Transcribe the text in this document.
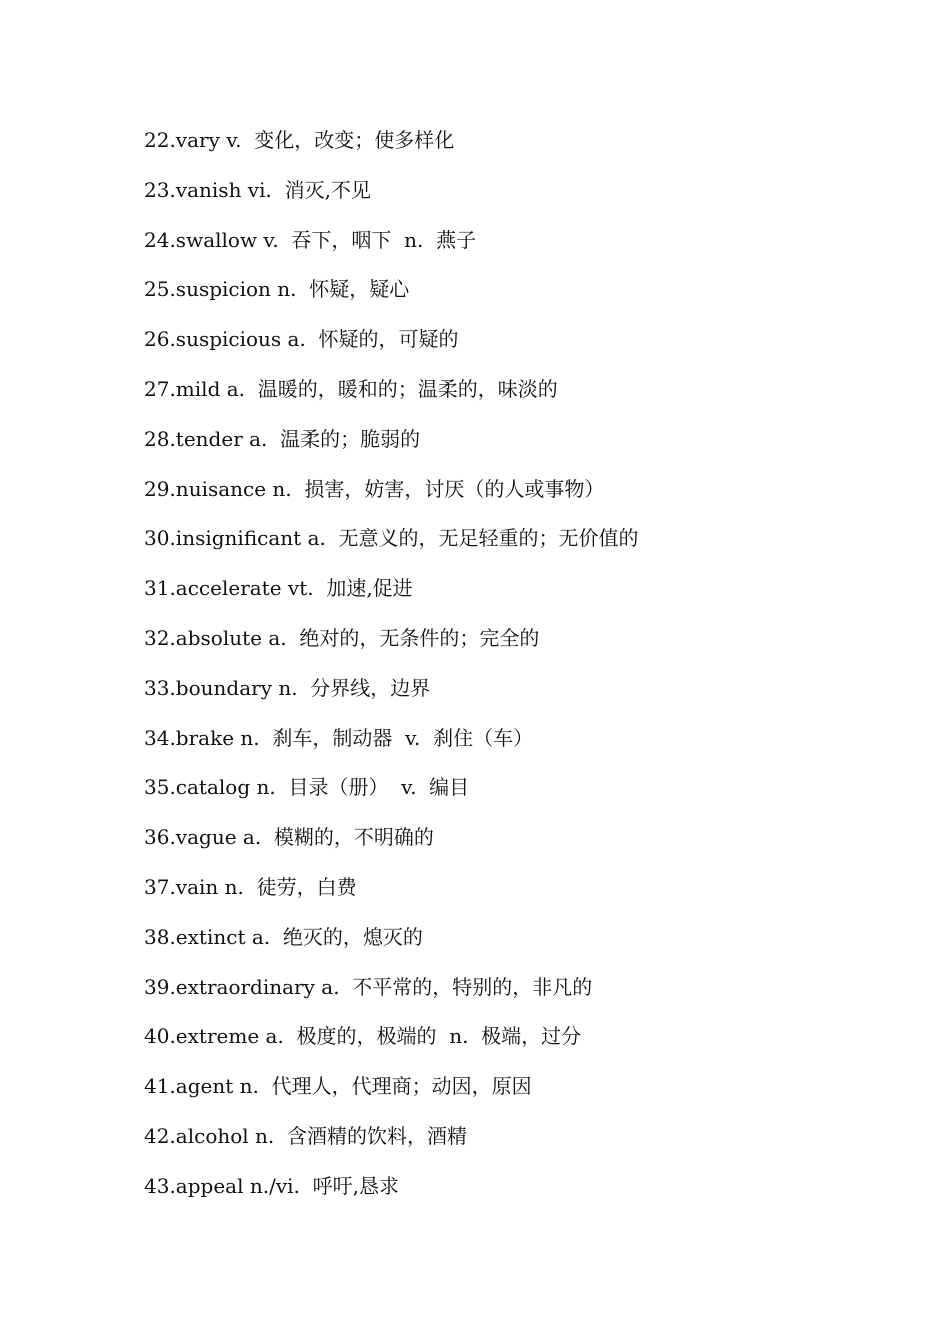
22.vary v.  变化，改变；使多样化
23.vanish vi.  消灭,不见
24.swallow v.  吞下，咽下  n.  燕子
25.suspicion n.  怀疑，疑心
26.suspicious a.  怀疑的，可疑的
27.mild a.  温暖的，暖和的；温柔的，味淡的
28.tender a.  温柔的；脆弱的
29.nuisance n.  损害，妨害，讨厌（的人或事物）
30.insignificant a.  无意义的，无足轻重的；无价值的
31.accelerate vt.  加速,促进
32.absolute a.  绝对的，无条件的；完全的
33.boundary n.  分界线，边界
34.brake n.  刹车，制动器  v.  刹住（车）
35.catalog n.  目录（册）  v.  编目
36.vague a.  模糊的，不明确的
37.vain n.  徒劳，白费
38.extinct a.  绝灭的，熄灭的
39.extraordinary a.  不平常的，特别的，非凡的
40.extreme a.  极度的，极端的  n.  极端，过分
41.agent n.  代理人，代理商；动因，原因
42.alcohol n.  含酒精的饮料，酒精
43.appeal n./vi.  呼吁,恳求
